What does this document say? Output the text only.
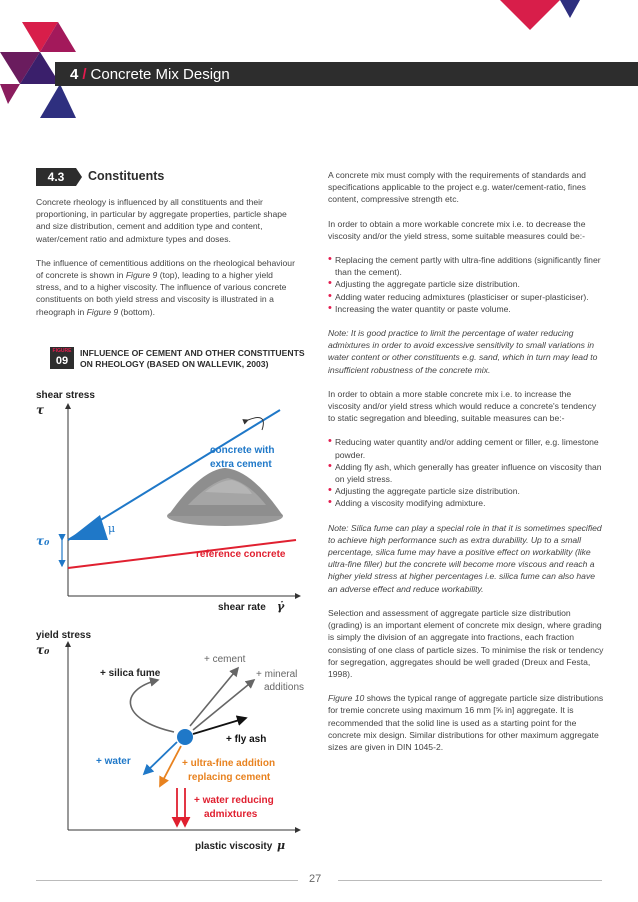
4 / Concrete Mix Design
4.3	Constituents

Concrete rheology is influenced by all constituents and their proportioning, in particular by aggregate properties, particle shape and size distribution, cement and addition type and content, water/cement ratio and admixture types and doses.

The influence of cementitious additions on the rheological behaviour of concrete is shown in Figure 9 (top), leading to a higher yield stress, and to a higher viscosity. The influence of various concrete constituents on both yield stress and viscosity is illustrated in a rheograph in Figure 9 (bottom).

FIGURE
09
INFLUENCE OF CEMENT AND OTHER CONSTITUENTS ON RHEOLOGY (BASED ON WALLEVIK, 2003)
shear stress
τ
μ
τ₀
concrete with
extra cement
reference concrete
shear rate γ̇
yield stress
τ₀
+ silica fume
+ cement
+ mineral
additions
+ fly ash
+ water	+ ultra-fine addition
replacing cement
+ water reducing
admixtures
plastic viscosity μ

A concrete mix must comply with the requirements of standards and specifications applicable to the project e.g. water/cement-ratio, fines content, compressive strength etc.

In order to obtain a more workable concrete mix i.e. to decrease the viscosity and/or the yield stress, some suitable measures could be:-

• Replacing the cement partly with ultra-fine additions (significantly finer than the cement).
• Adjusting the aggregate particle size distribution.
• Adding water reducing admixtures (plasticiser or super-plasticiser).
• Increasing the water quantity or paste volume.

Note: It is good practice to limit the percentage of water reducing admixtures in order to avoid excessive sensitivity to small variations in water content or other constituents e.g. sand, which in turn may lead to insufficient robustness of the concrete mix.

In order to obtain a more stable concrete mix i.e. to increase the viscosity and/or yield stress which would reduce a concrete's tendency to static segregation and bleeding, suitable measures can be:-

• Reducing water quantity and/or adding cement or filler, e.g. limestone powder.
• Adding fly ash, which generally has greater influence on viscosity than on yield stress.
• Adjusting the aggregate particle size distribution.
• Adding a viscosity modifying admixture.

Note: Silica fume can play a special role in that it is sometimes specified to achieve high performance such as extra durability. Up to a small percentage, silica fume may have a positive effect on workability (like ultra-fine filler) but the concrete will become more viscous and reach a higher yield stress at higher percentages i.e. silica fume can also have an adverse effect and reduce workability.

Selection and assessment of aggregate particle size distribution (grading) is an important element of concrete mix design, where grading is simply the division of an aggregate into fractions, each fraction consisting of one class of particle sizes. To minimise the risk or tendency for segregation, aggregates should be well graded (Dreux and Festa, 1998).

Figure 10 shows the typical range of aggregate particle size distributions for tremie concrete using maximum 16 mm [⅝ in] aggregate. It is recommended that the solid line is used as a starting point for the concrete mix design. Similar distributions for other maximum aggregate sizes are given in DIN 1045-2.

27
